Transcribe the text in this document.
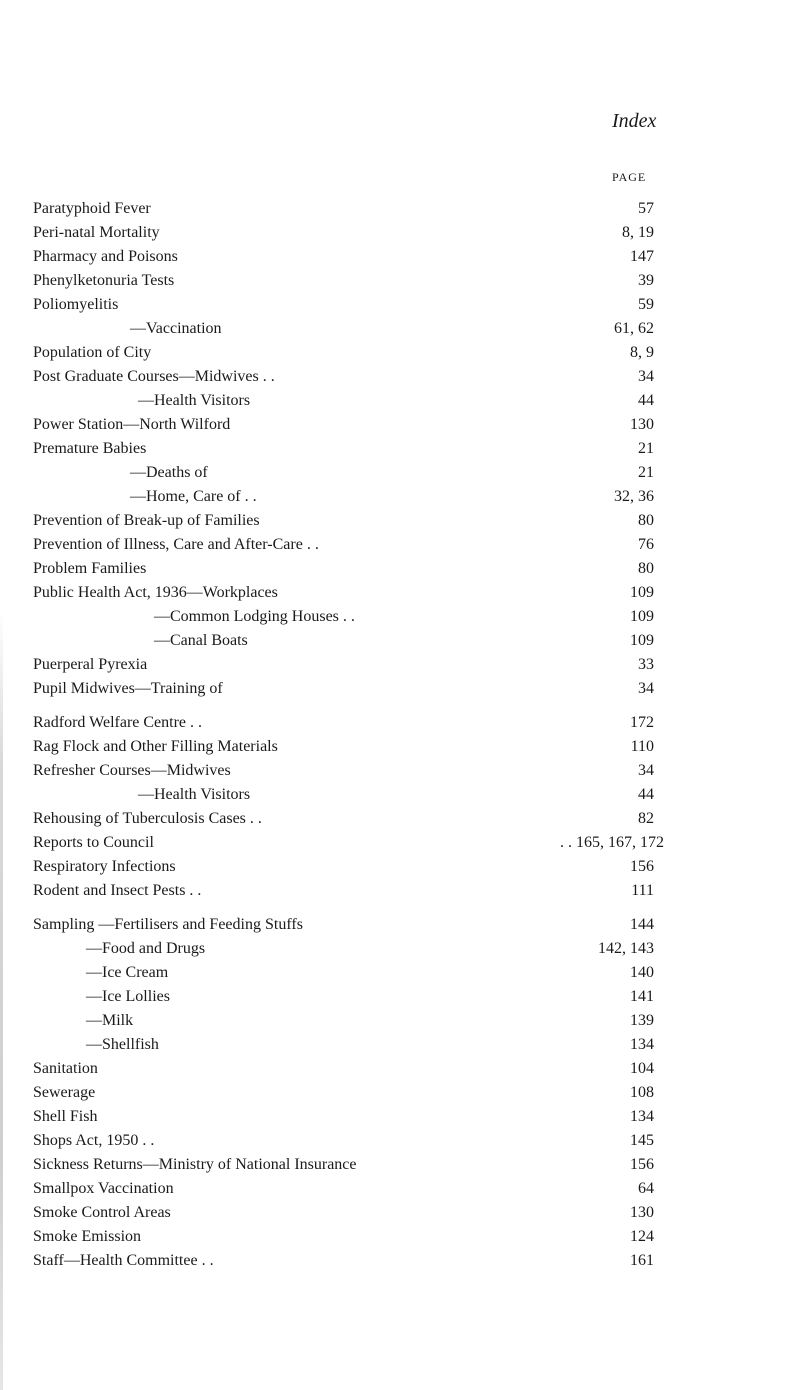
Index
PAGE
Paratyphoid Fever	57
Peri-natal Mortality	8, 19
Pharmacy and Poisons	147
Phenylketonuria Tests	39
Poliomyelitis	59
—Vaccination	61, 62
Population of City	8, 9
Post Graduate Courses—Midwives . .	34
—Health Visitors	44
Power Station—North Wilford	130
Premature Babies	21
—Deaths of	21
—Home, Care of . .	32, 36
Prevention of Break-up of Families	80
Prevention of Illness, Care and After-Care . .	76
Problem Families	80
Public Health Act, 1936—Workplaces	109
—Common Lodging Houses . .	109
—Canal Boats	109
Puerperal Pyrexia	33
Pupil Midwives—Training of	34
Radford Welfare Centre . .	172
Rag Flock and Other Filling Materials	110
Refresher Courses—Midwives	34
—Health Visitors	44
Rehousing of Tuberculosis Cases . .	82
Reports to Council	. . 165, 167, 172
Respiratory Infections	156
Rodent and Insect Pests . .	111
Sampling —Fertilisers and Feeding Stuffs	144
—Food and Drugs	142, 143
—Ice Cream	140
—Ice Lollies	141
—Milk	139
—Shellfish	134
Sanitation	104
Sewerage	108
Shell Fish	134
Shops Act, 1950 . .	145
Sickness Returns—Ministry of National Insurance	156
Smallpox Vaccination	64
Smoke Control Areas	130
Smoke Emission	124
Staff—Health Committee . .	161
